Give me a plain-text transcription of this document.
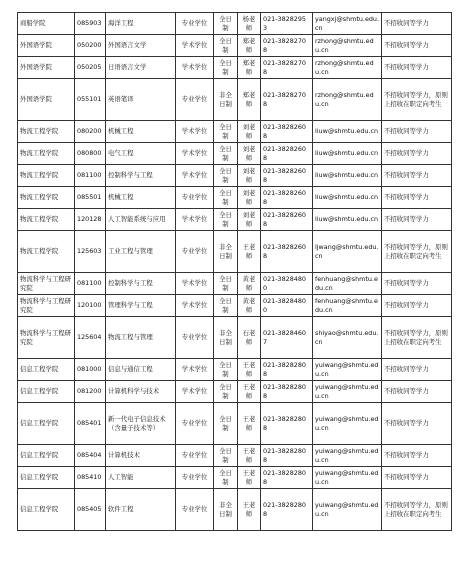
商船学院	085903	海洋工程	专业学位	全日制	杨老师	021-38282953	yangxj@shmtu.edu.cn	不招收同等学力
外国语学院	050200	外国语言文学	学术学位	全日制	郑老师	021-38282708	rzhong@shmtu.edu.cn	不招收同等学力
外国语学院	050205	日语语言文学	学术学位	全日制	郑老师	021-38282708	rzhong@shmtu.edu.cn	不招收同等学力
外国语学院	055101	英语笔译	专业学位	非全日制	郑老师	021-38282708	rzhong@shmtu.edu.cn	不招收同等学力，原则上招收在职定向考生
物流工程学院	080200	机械工程	学术学位	全日制	刘老师	021-38282608	liuw@shmtu.edu.cn	不招收同等学力
物流工程学院	080800	电气工程	学术学位	全日制	刘老师	021-38282608	liuw@shmtu.edu.cn	不招收同等学力
物流工程学院	081100	控制科学与工程	学术学位	全日制	刘老师	021-38282608	liuw@shmtu.edu.cn	不招收同等学力
物流工程学院	085501	机械工程	专业学位	全日制	刘老师	021-38282608	liuw@shmtu.edu.cn	不招收同等学力
物流工程学院	120128	人工智能系统与应用	学术学位	全日制	刘老师	021-38282608	liuw@shmtu.edu.cn	不招收同等学力
物流工程学院	125603	工业工程与管理	专业学位	非全日制	王老师	021-38282608	ljwang@shmtu.edu.cn	不招收同等学力，原则上招收在职定向考生
物流科学与工程研究院	081100	控制科学与工程	学术学位	全日制	黄老师	021-38284800	fenhuang@shmtu.edu.cn	不招收同等学力
物流科学与工程研究院	120100	管理科学与工程	学术学位	全日制	黄老师	021-38284800	fenhuang@shmtu.edu.cn	不招收同等学力
物流科学与工程研究院	125604	物流工程与管理	专业学位	非全日制	石老师	021-38284607	shiyao@shmtu.edu.cn	不招收同等学力，原则上招收在职定向考生
信息工程学院	081000	信息与通信工程	学术学位	全日制	王老师	021-38282808	yuiwang@shmtu.edu.cn	不招收同等学力
信息工程学院	081200	计算机科学与技术	学术学位	全日制	王老师	021-38282808	yuiwang@shmtu.edu.cn	不招收同等学力
信息工程学院	085401	新一代电子信息技术（含量子技术等）	专业学位	全日制	王老师	021-38282808	yuiwang@shmtu.edu.cn	不招收同等学力
信息工程学院	085404	计算机技术	专业学位	全日制	王老师	021-38282808	yuiwang@shmtu.edu.cn	不招收同等学力
信息工程学院	085410	人工智能	专业学位	全日制	王老师	021-38282808	yuiwang@shmtu.edu.cn	不招收同等学力
信息工程学院	085405	软件工程	专业学位	非全日制	王老师	021-38282808	yuiwang@shmtu.edu.cn	不招收同等学力，原则上招收在职定向考生
